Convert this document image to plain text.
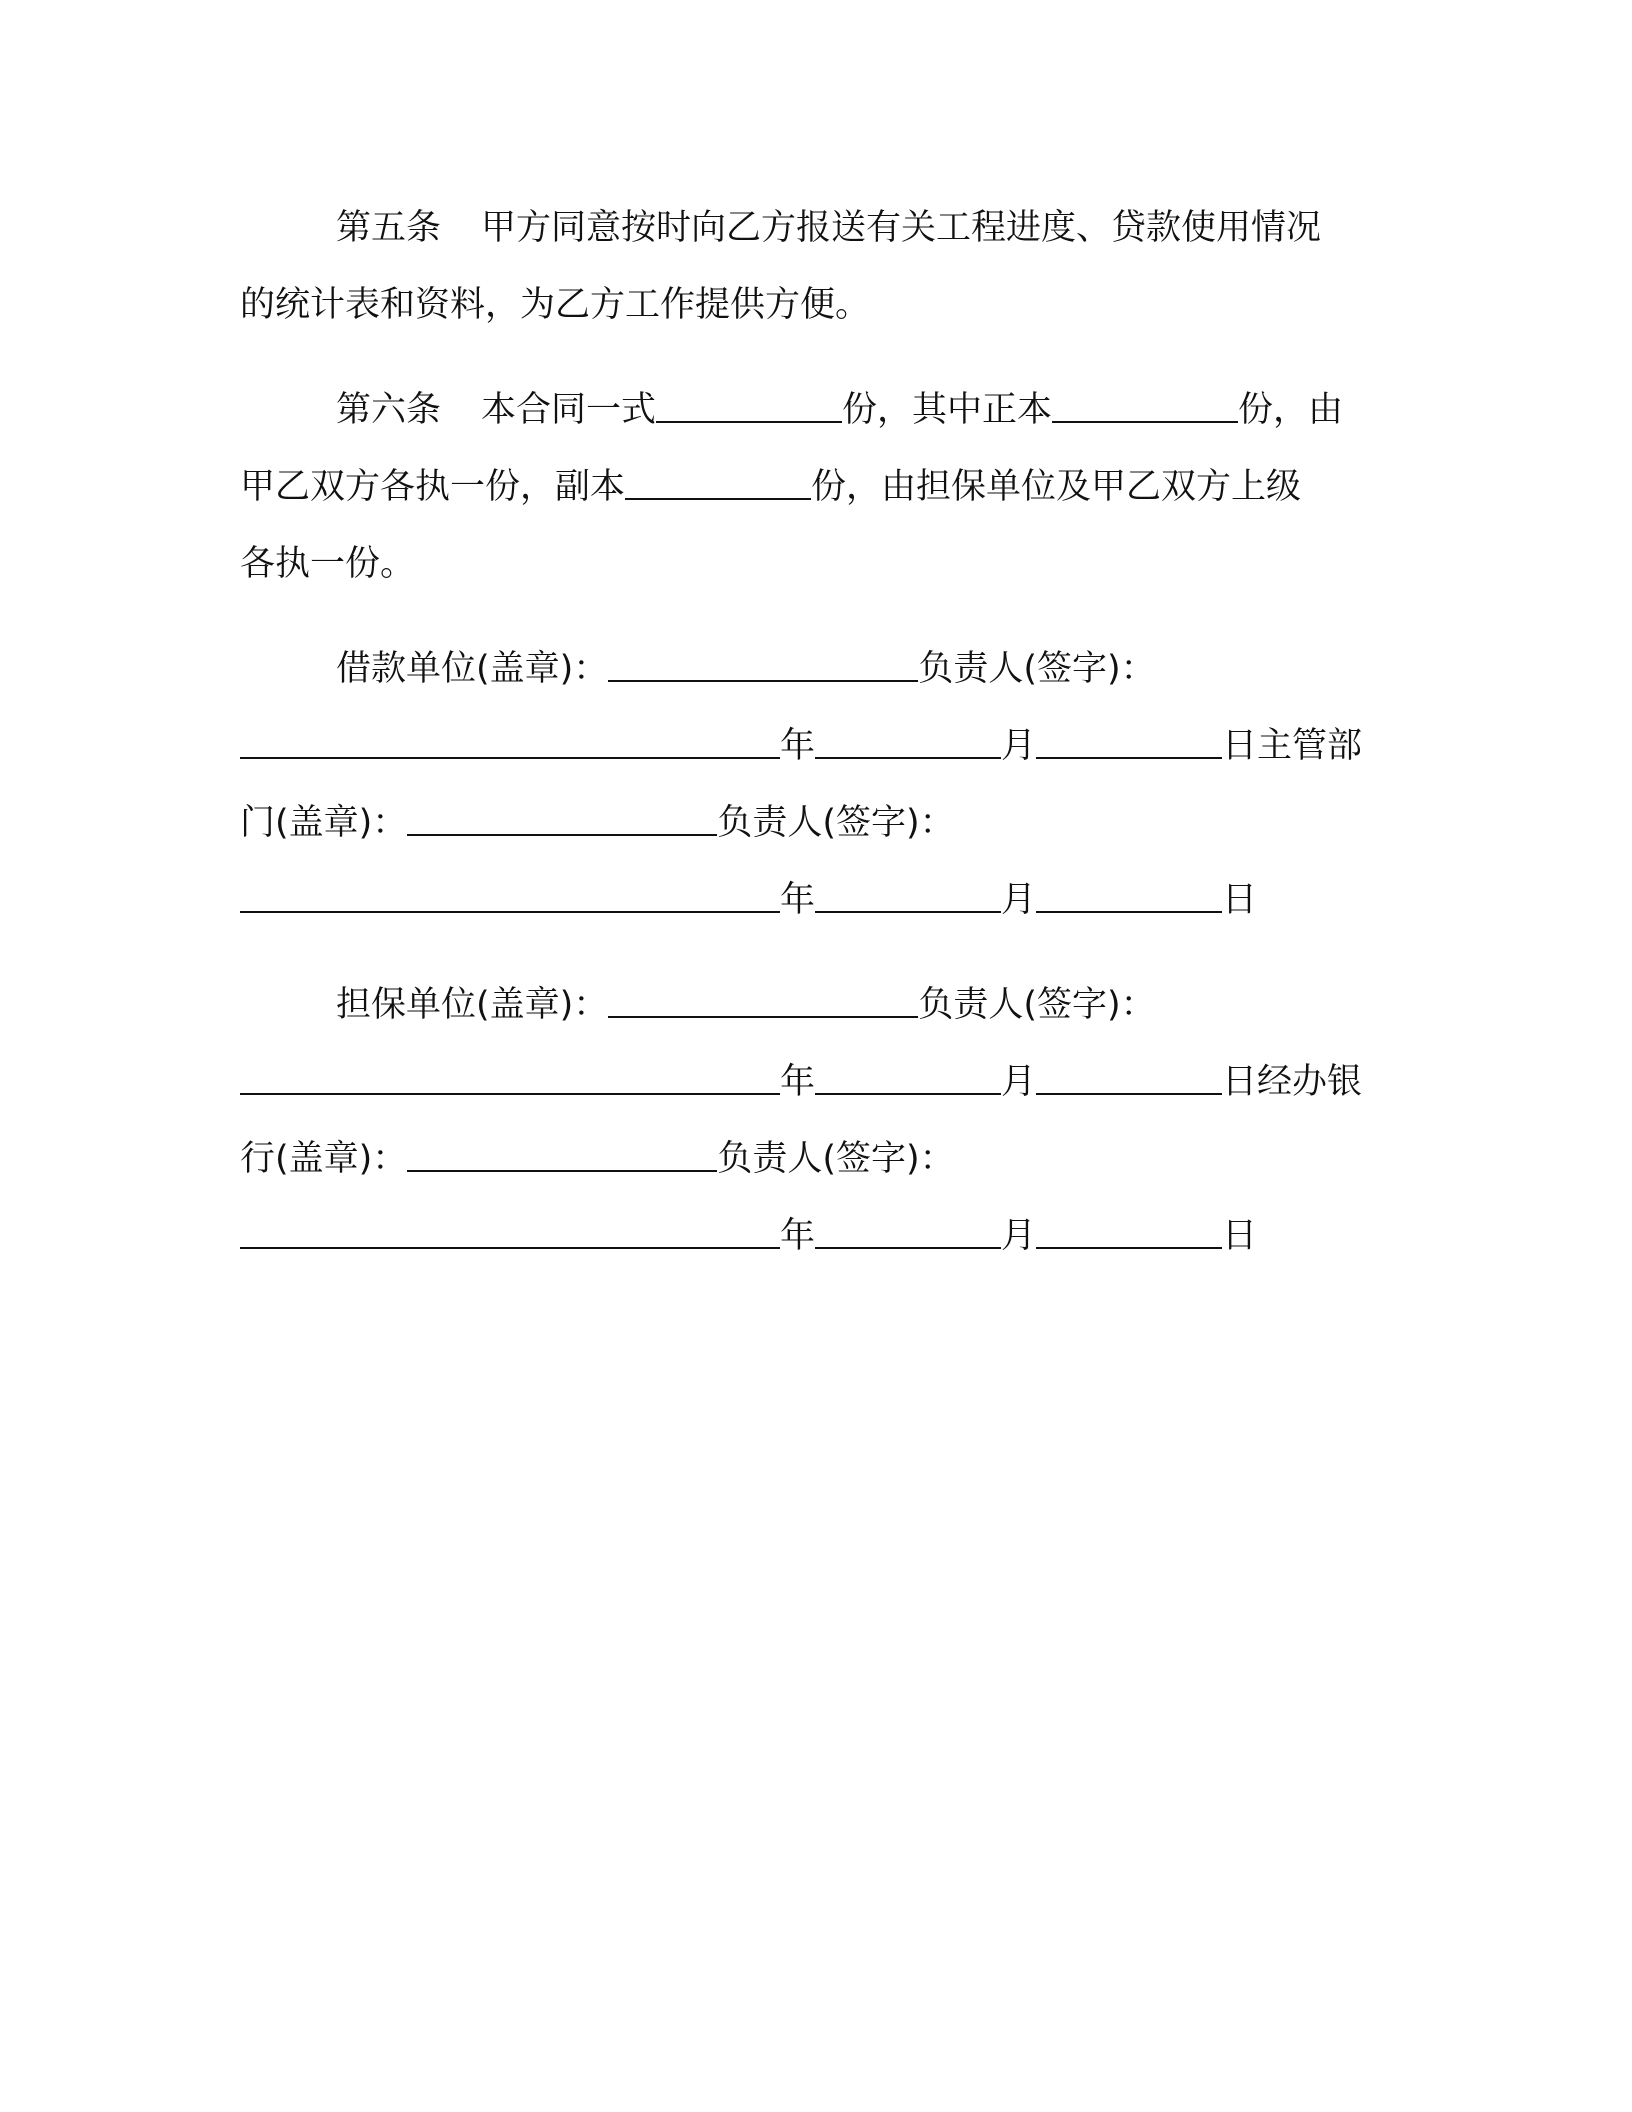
第五条 甲方同意按时向乙方报送有关工程进度、贷款使用情况
的统计表和资料，为乙方工作提供方便。
第六条 本合同一式	份，其中正本	份，由
甲乙双方各执一份，副本	份，由担保单位及甲乙双方上级
各执一份。
借款单位(盖章)：	负责人(签字)：
年	月	日主管部
门(盖章)：	负责人(签字)：
年	月	日
担保单位(盖章)：	负责人(签字)：
年	月	日经办银
行(盖章)：	负责人(签字)：
年	月	日
